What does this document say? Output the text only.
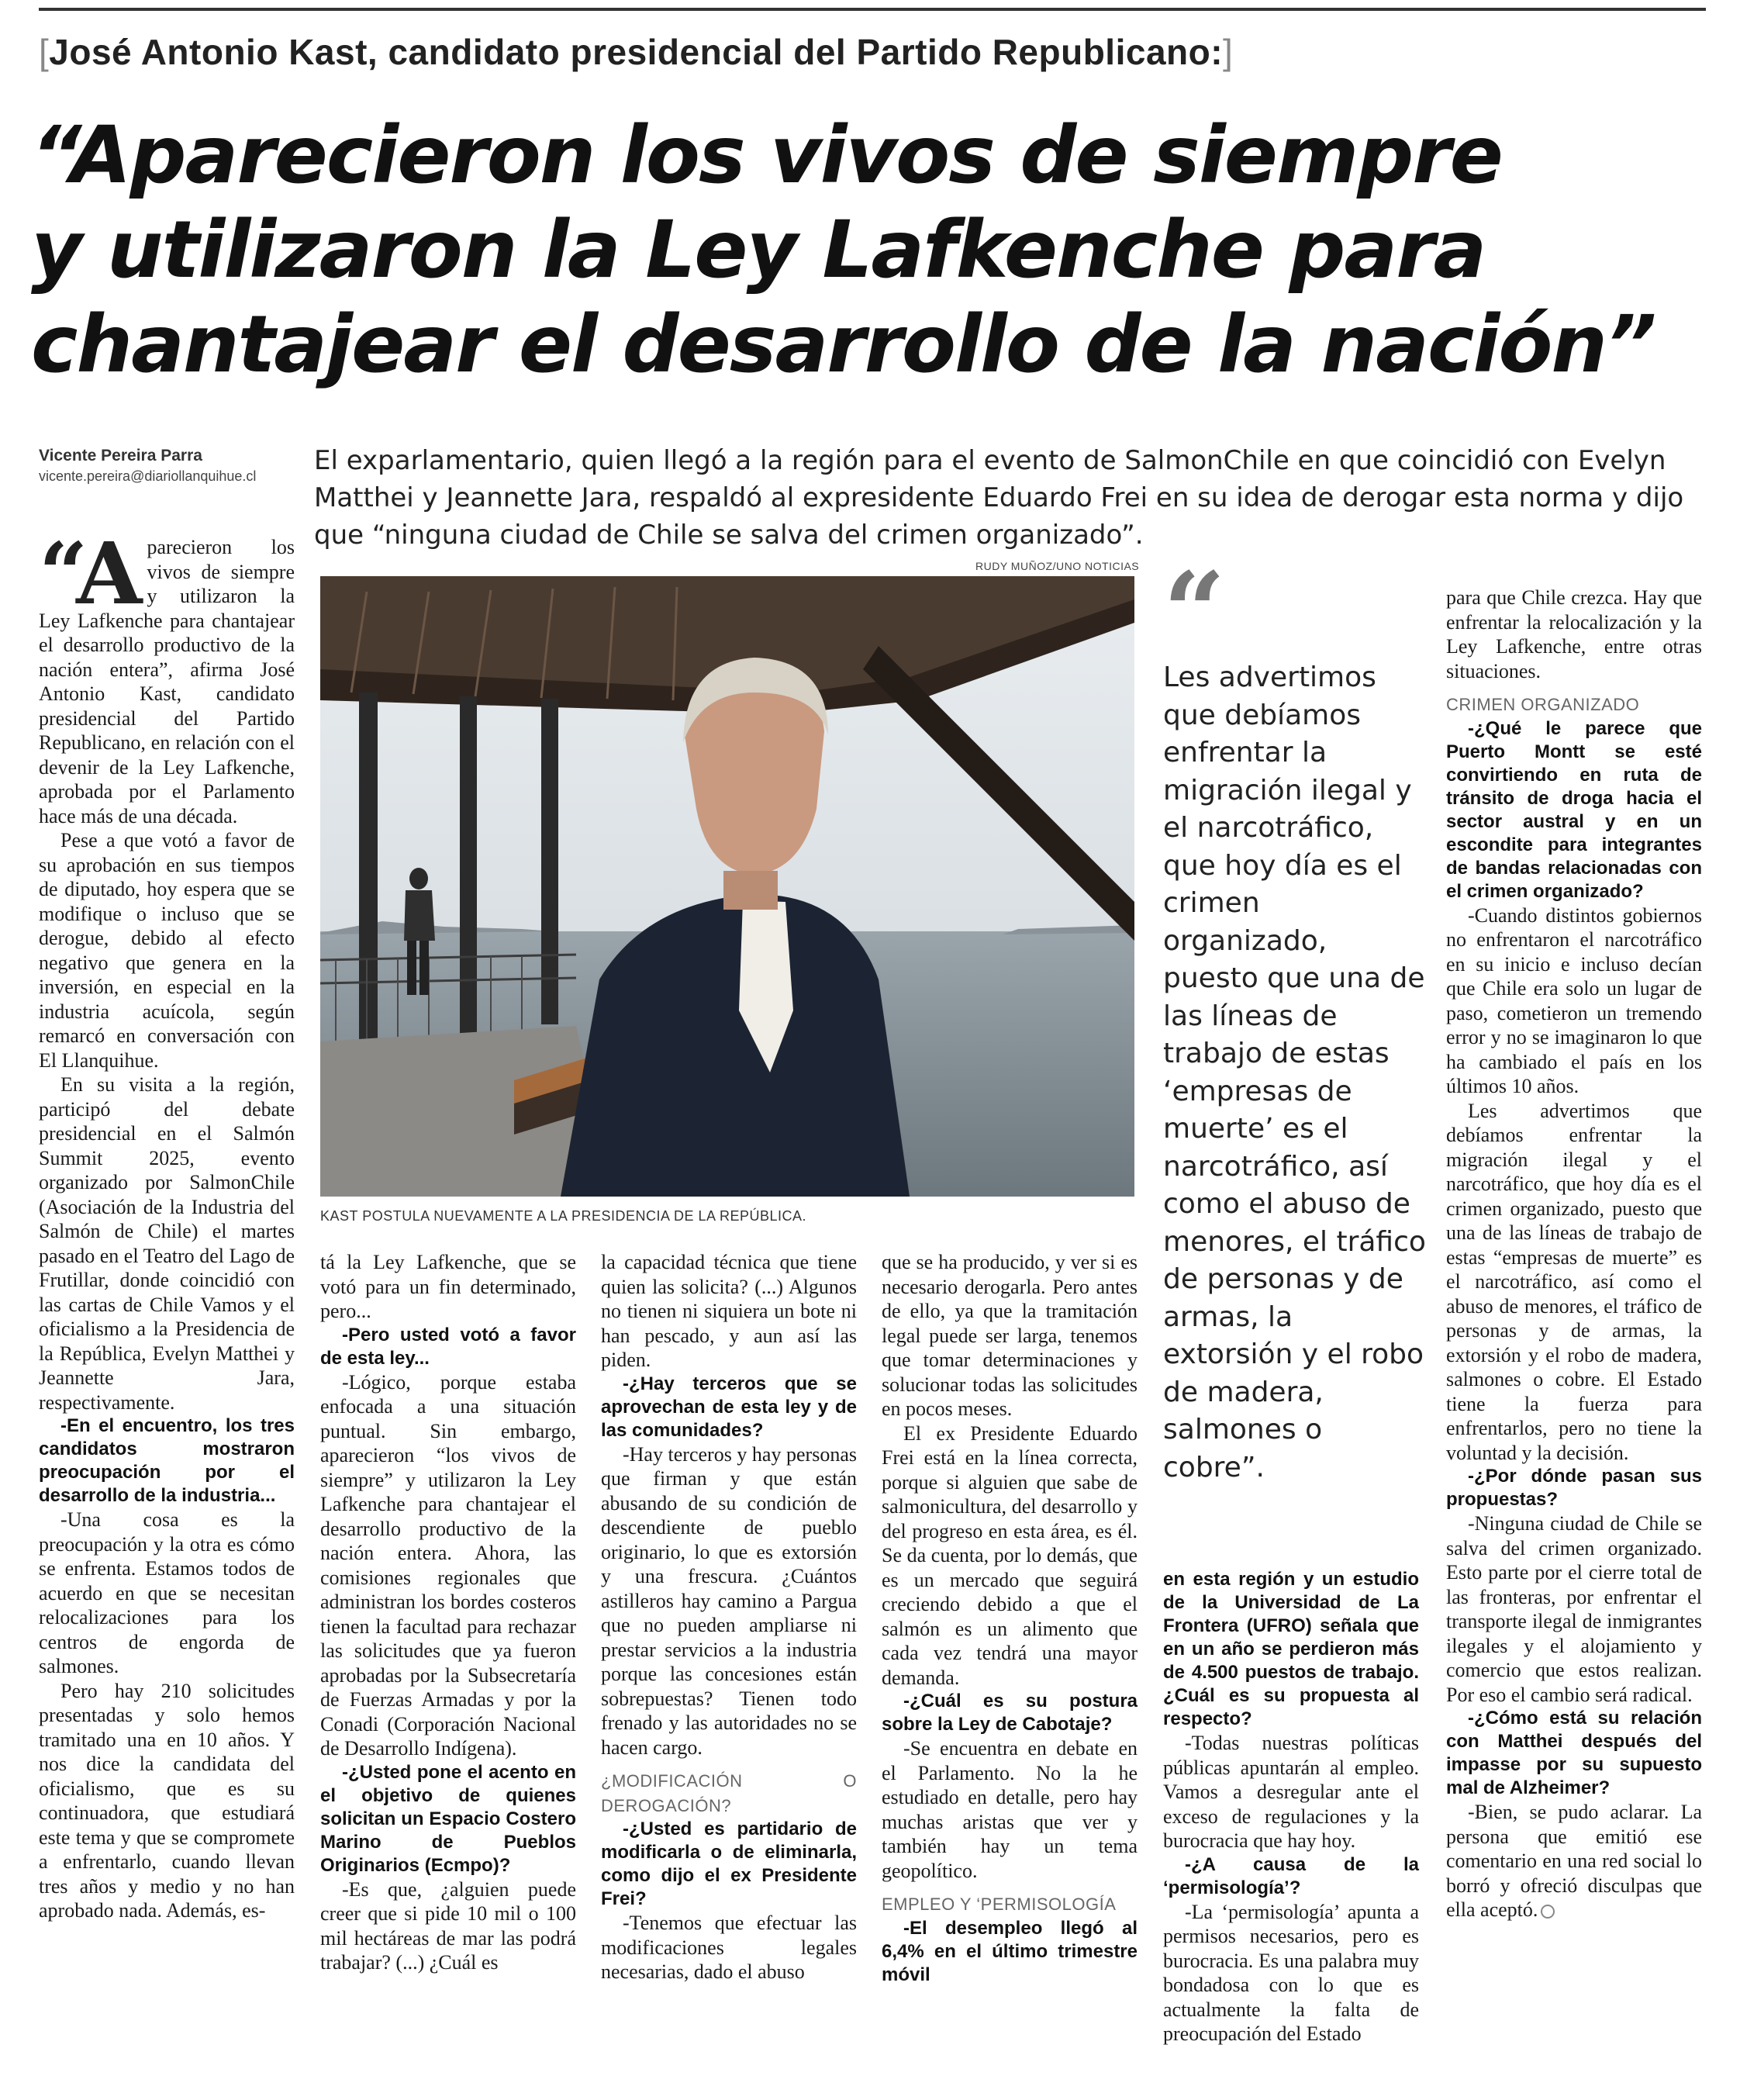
[José Antonio Kast, candidato presidencial del Partido Republicano:]
“Aparecieron los vivos de siempre
y utilizaron la Ley Lafkenche para
chantajear el desarrollo de la nación”
Vicente Pereira Parra
vicente.pereira@diariollanquihue.cl El exparlamentario, quien llegó a la región para el evento de SalmonChile en que coincidió con Evelyn Matthei y Jeannette Jara, respaldó al expresidente Eduardo Frei en su idea de derogar esta norma y dijo que “ninguna ciudad de Chile se salva del crimen organizado”.
RUDY MUÑOZ/UNO NOTICIAS
KAST POSTULA NUEVAMENTE A LA PRESIDENCIA DE LA REPÚBLICA.

“A parecieron los vivos de siempre y utilizaron la Ley Lafkenche para chantajear el desarrollo productivo de la nación entera”, afirma José Antonio Kast, candidato presidencial del Partido Republicano, en relación con el devenir de la Ley Lafkenche, aprobada por el Parlamento hace más de una década.

Pese a que votó a favor de su aprobación en sus tiempos de diputado, hoy espera que se modifique o incluso que se derogue, debido al efecto negativo que genera en la inversión, en especial en la industria acuícola, según remarcó en conversación con El Llanquihue.

En su visita a la región, participó del debate presidencial en el Salmón Summit 2025, evento organizado por SalmonChile (Asociación de la Industria del Salmón de Chile) el martes pasado en el Teatro del Lago de Frutillar, donde coincidió con las cartas de Chile Vamos y el oficialismo a la Presidencia de la República, Evelyn Matthei y Jeannette Jara, respectivamente.

-En el encuentro, los tres candidatos mostraron preocupación por el desarrollo de la industria...

-Una cosa es la preocupación y la otra es cómo se enfrenta. Estamos todos de acuerdo en que se necesitan relocalizaciones para los centros de engorda de salmones.

Pero hay 210 solicitudes presentadas y solo hemos tramitado una en 10 años. Y nos dice la candidata del oficialismo, que es su continuadora, que estudiará este tema y que se compromete a enfrentarlo, cuando llevan tres años y medio y no han aprobado nada. Además, es-

tá la Ley Lafkenche, que se votó para un fin determinado, pero...

-Pero usted votó a favor de esta ley...

-Lógico, porque estaba enfocada a una situación puntual. Sin embargo, aparecieron “los vivos de siempre” y utilizaron la Ley Lafkenche para chantajear el desarrollo productivo de la nación entera. Ahora, las comisiones regionales que administran los bordes costeros tienen la facultad para rechazar las solicitudes que ya fueron aprobadas por la Subsecretaría de Fuerzas Armadas y por la Conadi (Corporación Nacional de Desarrollo Indígena).

-¿Usted pone el acento en el objetivo de quienes solicitan un Espacio Costero Marino de Pueblos Originarios (Ecmpo)?

-Es que, ¿alguien puede creer que si pide 10 mil o 100 mil hectáreas de mar las podrá trabajar? (...) ¿Cuál es

la capacidad técnica que tiene quien las solicita? (...) Algunos no tienen ni siquiera un bote ni han pescado, y aun así las piden.

-¿Hay terceros que se aprovechan de esta ley y de las comunidades?

-Hay terceros y hay personas que firman y que están abusando de su condición de descendiente de pueblo originario, lo que es extorsión y una frescura. ¿Cuántos astilleros hay camino a Pargua que no pueden ampliarse ni prestar servicios a la industria porque las concesiones están sobrepuestas? Tienen todo frenado y las autoridades no se hacen cargo.

¿MODIFICACIÓN O DEROGACIÓN?

-¿Usted es partidario de modificarla o de eliminarla, como dijo el ex Presidente Frei?

-Tenemos que efectuar las modificaciones legales necesarias, dado el abuso

que se ha producido, y ver si es necesario derogarla. Pero antes de ello, ya que la tramitación legal puede ser larga, tenemos que tomar determinaciones y solucionar todas las solicitudes en pocos meses.

El ex Presidente Eduardo Frei está en la línea correcta, porque si alguien que sabe de salmonicultura, del desarrollo y del progreso en esta área, es él. Se da cuenta, por lo demás, que es un mercado que seguirá creciendo debido a que el salmón es un alimento que cada vez tendrá una mayor demanda.

-¿Cuál es su postura sobre la Ley de Cabotaje?

-Se encuentra en debate en el Parlamento. No la he estudiado en detalle, pero hay muchas aristas que ver y también hay un tema geopolítico.

EMPLEO Y ‘PERMISOLOGÍA

-El desempleo llegó al 6,4% en el último trimestre móvil

“
Les advertimos que debíamos enfrentar la migración ilegal y el narcotráfico, que hoy día es el crimen organizado, puesto que una de las líneas de trabajo de estas ‘empresas de muerte’ es el narcotráfico, así como el abuso de menores, el tráfico de personas y de armas, la extorsión y el robo de madera, salmones o cobre”.

en esta región y un estudio de la Universidad de La Frontera (UFRO) señala que en un año se perdieron más de 4.500 puestos de trabajo. ¿Cuál es su propuesta al respecto?

-Todas nuestras políticas públicas apuntarán al empleo. Vamos a desregular ante el exceso de regulaciones y la burocracia que hay hoy.

-¿A causa de la ‘permisología’?

-La ‘permisología’ apunta a permisos necesarios, pero es burocracia. Es una palabra muy bondadosa con lo que es actualmente la falta de preocupación del Estado

para que Chile crezca. Hay que enfrentar la relocalización y la Ley Lafkenche, entre otras situaciones.

CRIMEN ORGANIZADO

-¿Qué le parece que Puerto Montt se esté convirtiendo en ruta de tránsito de droga hacia el sector austral y en un escondite para integrantes de bandas relacionadas con el crimen organizado?

-Cuando distintos gobiernos no enfrentaron el narcotráfico en su inicio e incluso decían que Chile era solo un lugar de paso, cometieron un tremendo error y no se imaginaron lo que ha cambiado el país en los últimos 10 años.

Les advertimos que debíamos enfrentar la migración ilegal y el narcotráfico, que hoy día es el crimen organizado, puesto que una de las líneas de trabajo de estas “empresas de muerte” es el narcotráfico, así como el abuso de menores, el tráfico de personas y de armas, la extorsión y el robo de madera, salmones o cobre. El Estado tiene la fuerza para enfrentarlos, pero no tiene la voluntad y la decisión.

-¿Por dónde pasan sus propuestas?

-Ninguna ciudad de Chile se salva del crimen organizado. Esto parte por el cierre total de las fronteras, por enfrentar el transporte ilegal de inmigrantes ilegales y el alojamiento y comercio que estos realizan. Por eso el cambio será radical.

-¿Cómo está su relación con Matthei después del impasse por su supuesto mal de Alzheimer?

-Bien, se pudo aclarar. La persona que emitió ese comentario en una red social lo borró y ofreció disculpas que ella aceptó.
